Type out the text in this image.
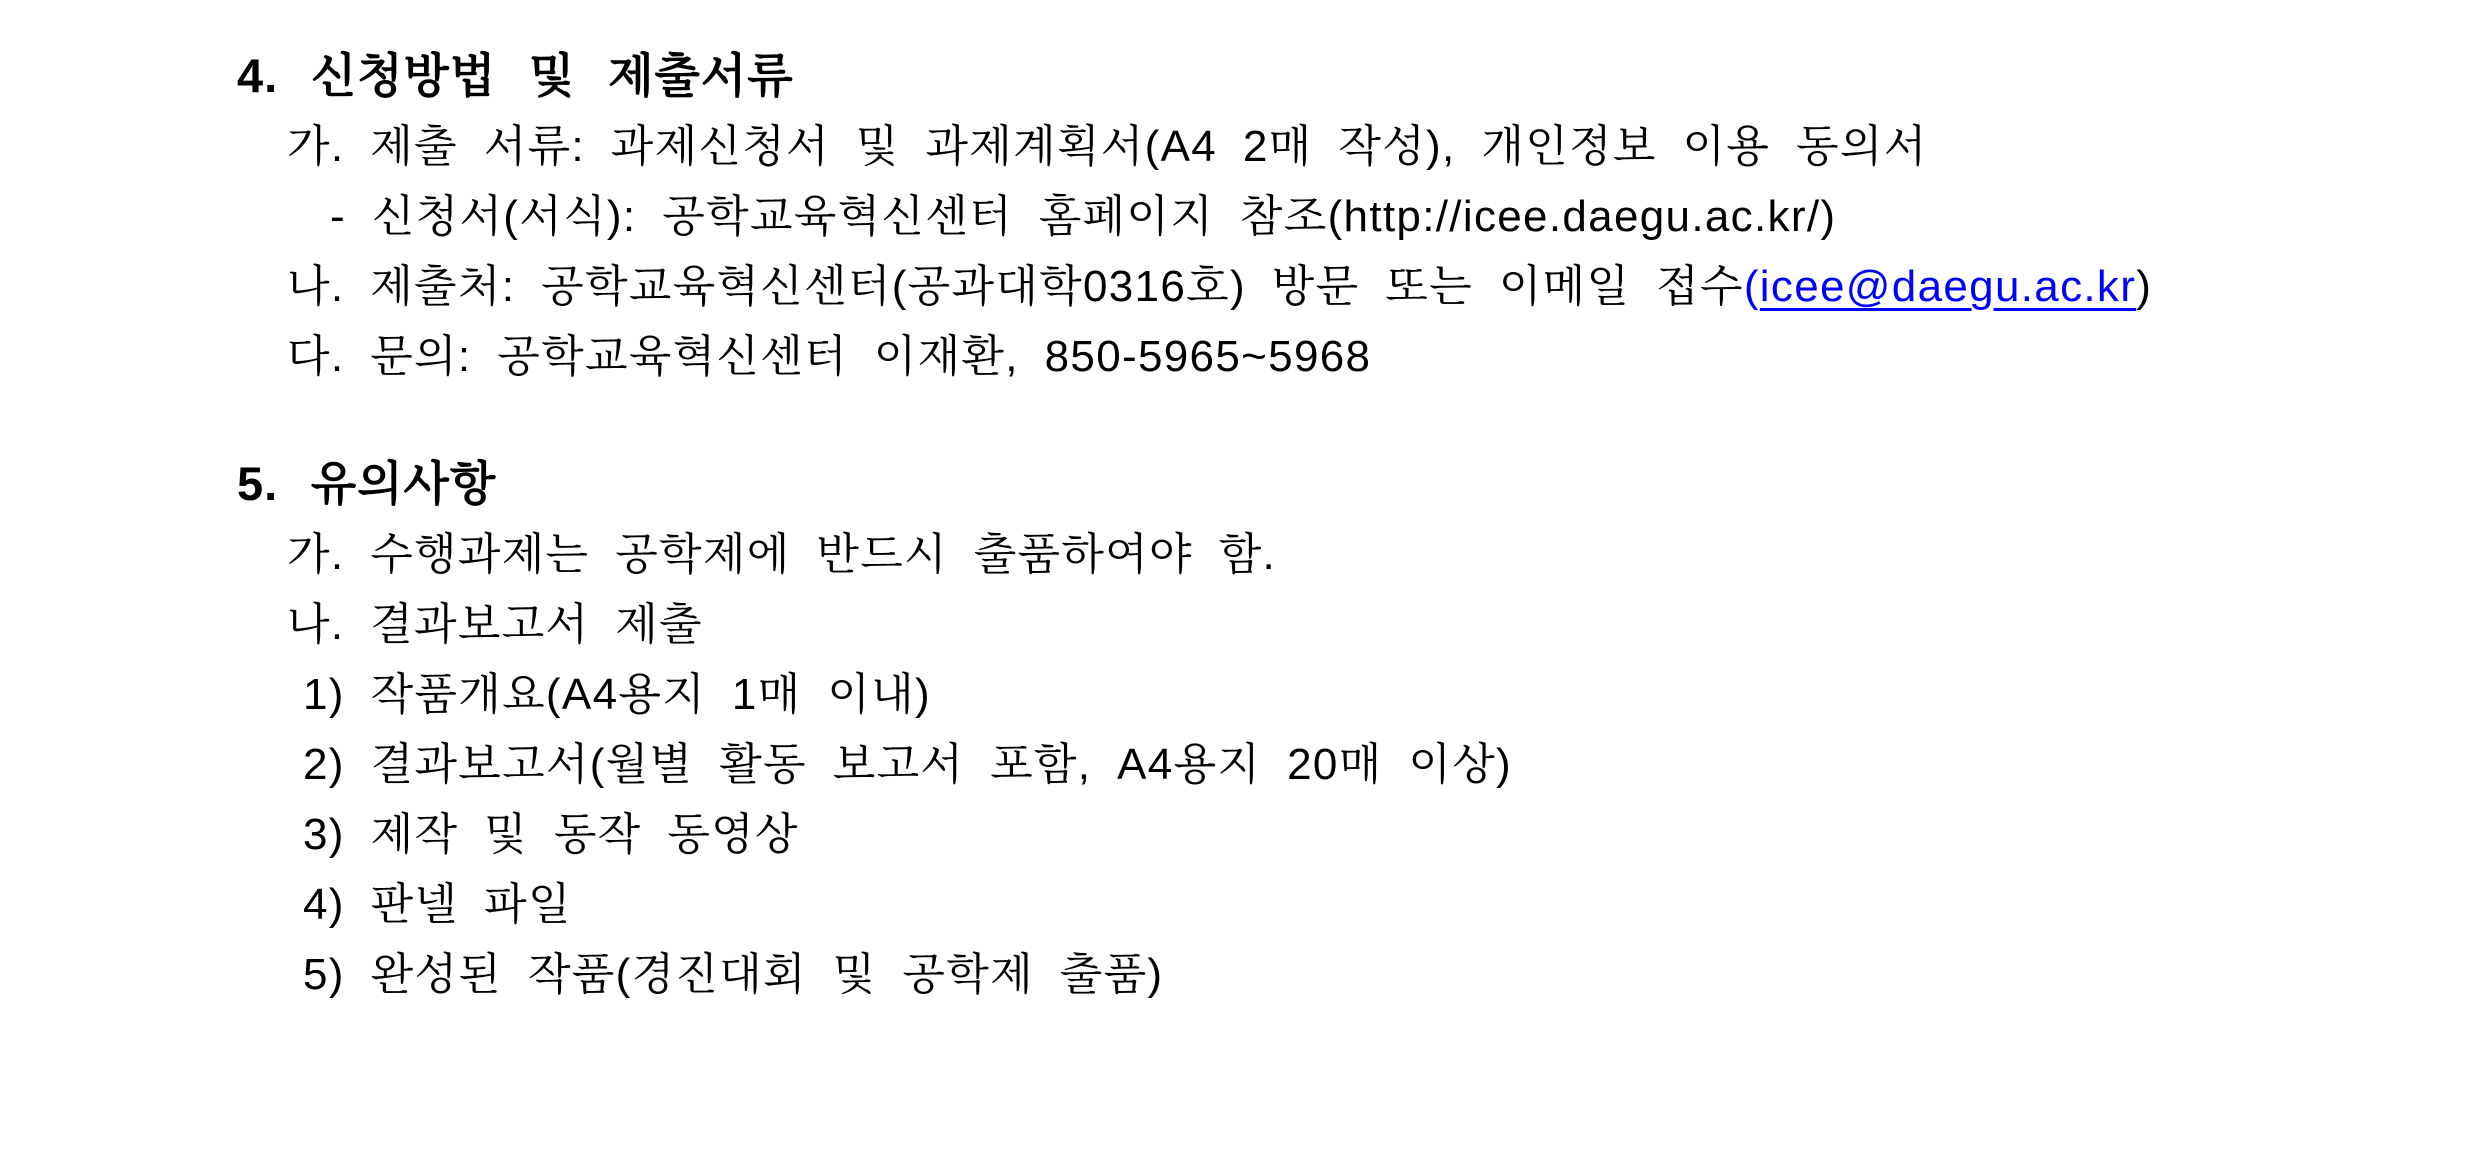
4. 신청방법 및 제출서류

가. 제출 서류: 과제신청서 및 과제계획서(A4 2매 작성), 개인정보 이용 동의서

- 신청서(서식): 공학교육혁신센터 홈페이지 참조(http://icee.daegu.ac.kr/)

나. 제출처: 공학교육혁신센터(공과대학0316호) 방문 또는 이메일 접수(icee@daegu.ac.kr)

다. 문의: 공학교육혁신센터 이재환, 850-5965~5968

5. 유의사항

가. 수행과제는 공학제에 반드시 출품하여야 함.

나. 결과보고서 제출

1) 작품개요(A4용지 1매 이내)

2) 결과보고서(월별 활동 보고서 포함, A4용지 20매 이상)

3) 제작 및 동작 동영상

4) 판넬 파일

5) 완성된 작품(경진대회 및 공학제 출품)
